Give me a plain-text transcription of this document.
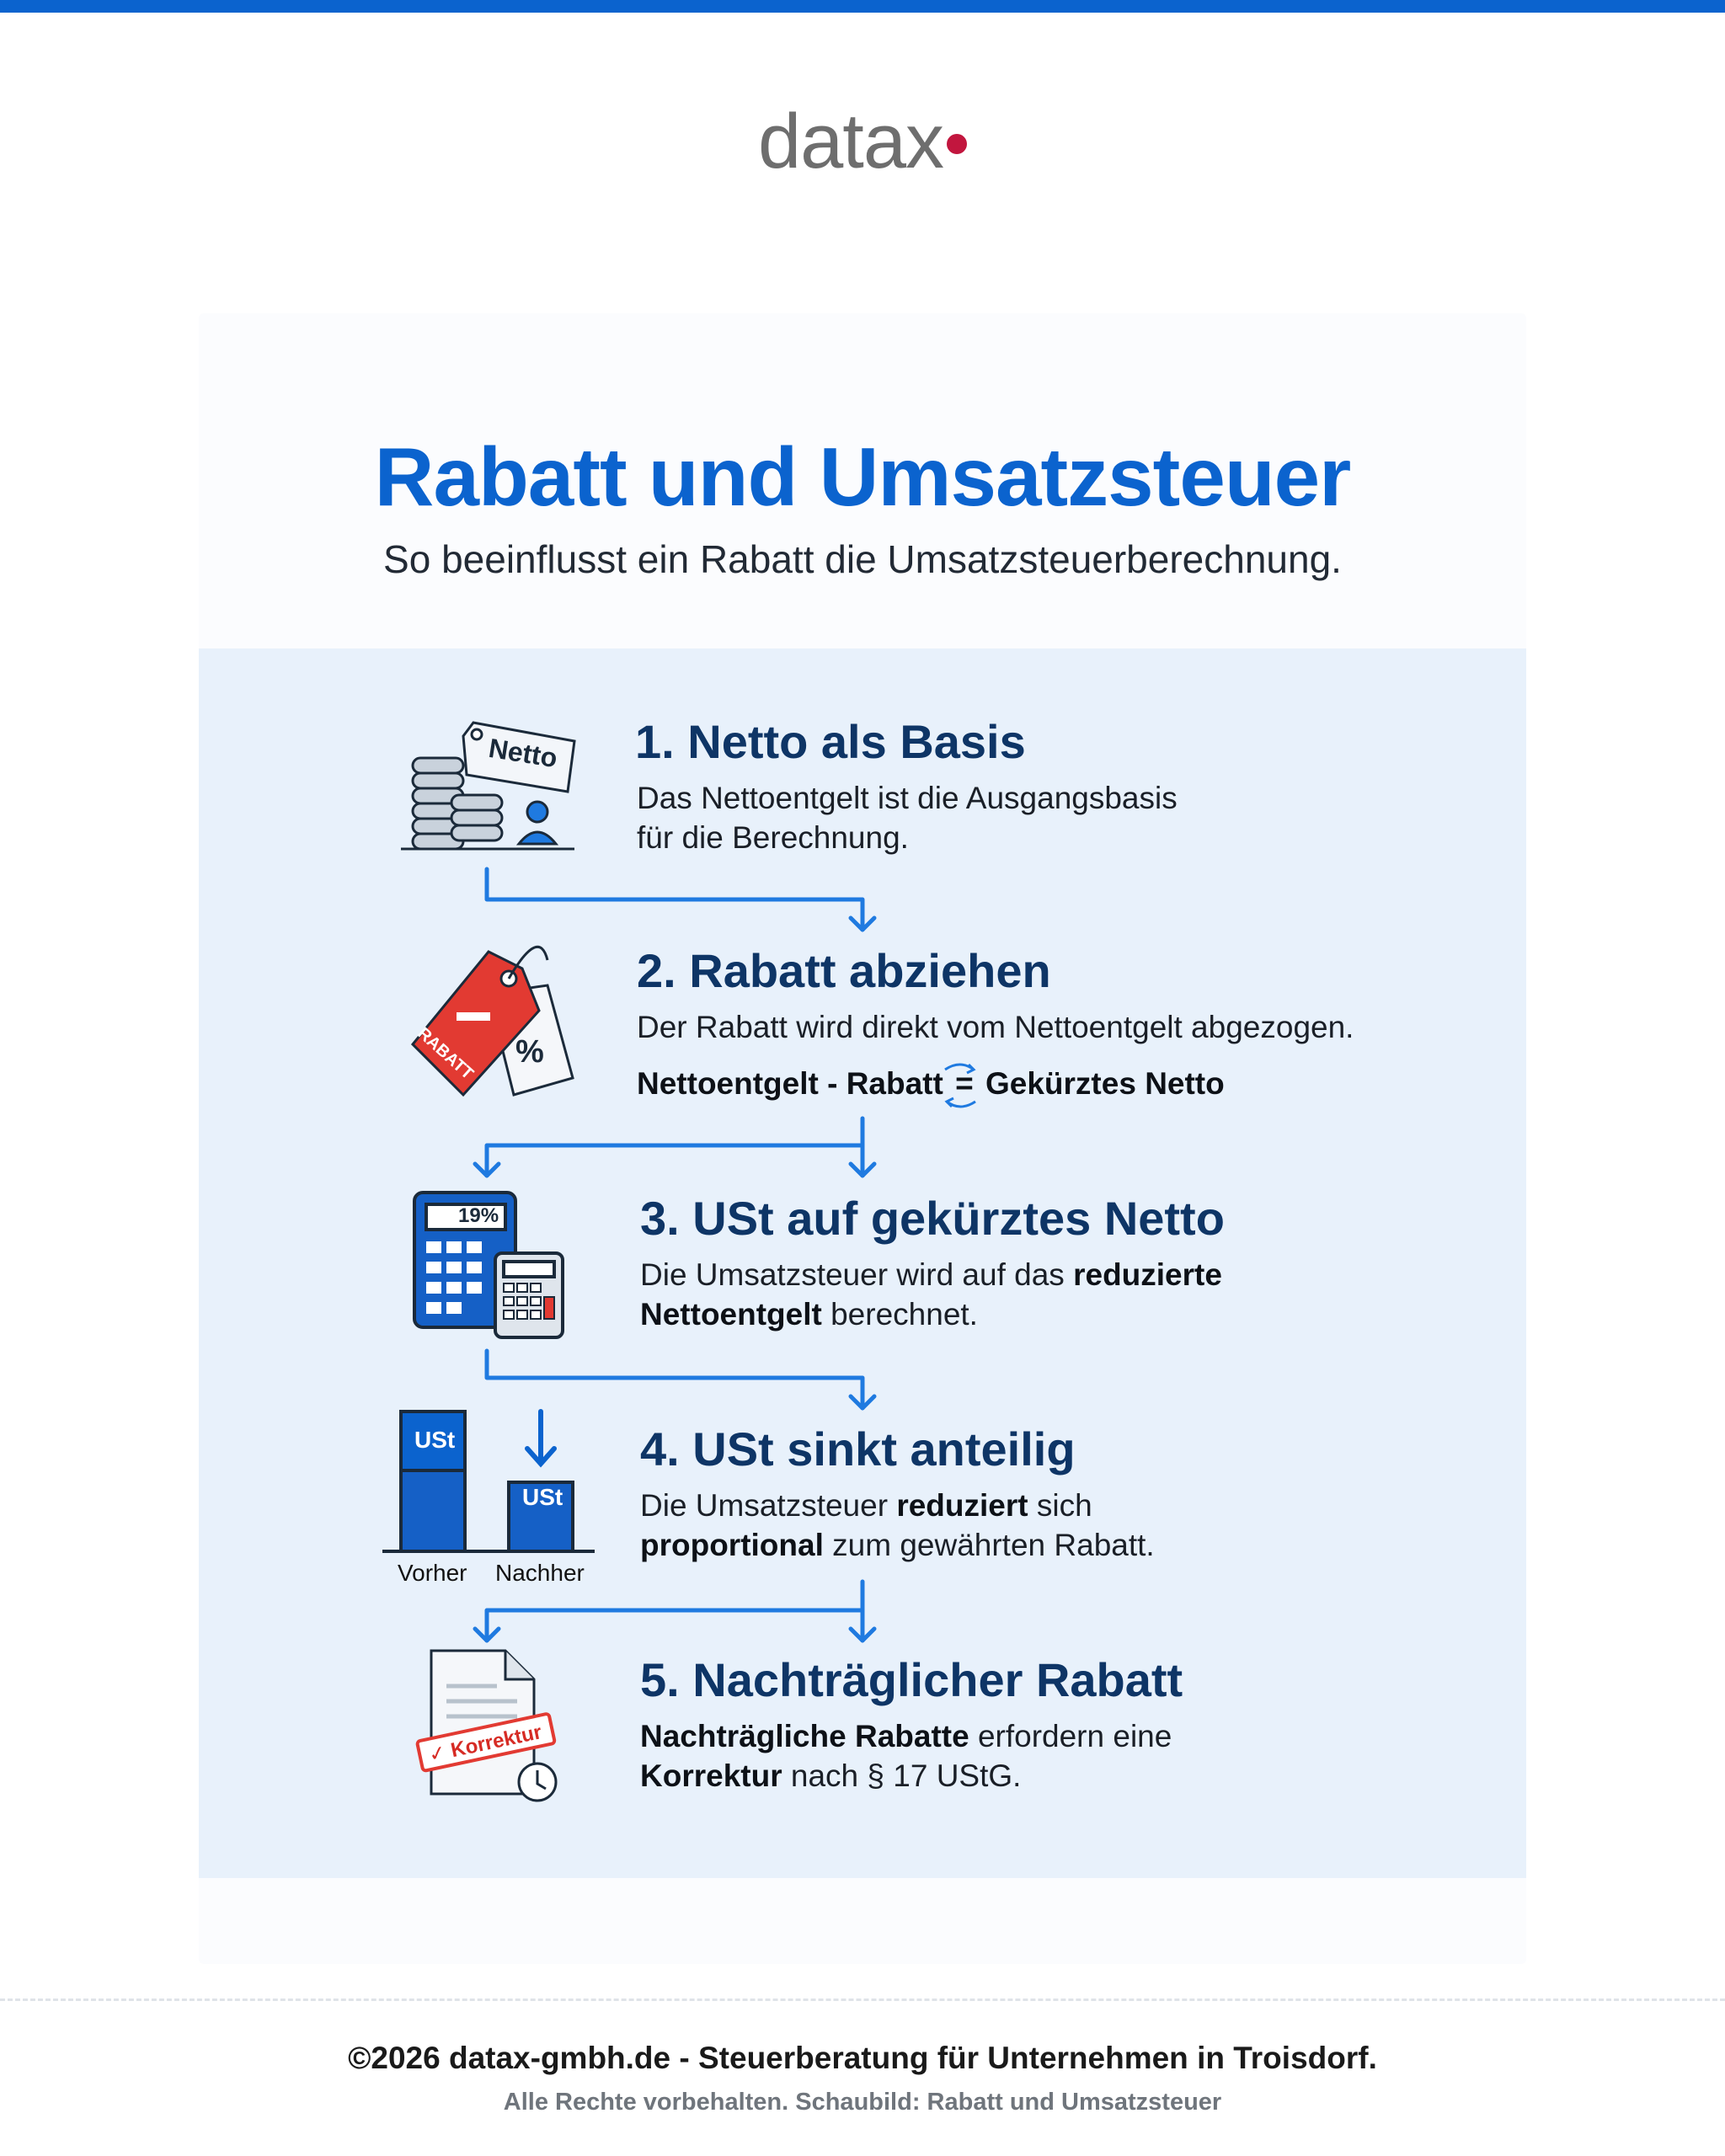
datax
Rabatt und Umsatzsteuer
So beeinflusst ein Rabatt die Umsatzsteuerberechnung.
Netto 1. Netto als Basis
Das Nettoentgelt ist die Ausgangsbasis
für die Berechnung.
RABATT %
2. Rabatt abziehen
Der Rabatt wird direkt vom Nettoentgelt abgezogen.
Nettoentgelt - Rabatt = Gekürztes Netto
19%	3. USt auf gekürztes Netto
Die Umsatzsteuer wird auf das reduzierte
Nettoentgelt berechnet.
USt
USt
Vorher Nachher
4. USt sinkt anteilig
Die Umsatzsteuer reduziert sich
proportional zum gewährten Rabatt.
✓ Korrektur
5. Nachträglicher Rabatt
Nachträgliche Rabatte erfordern eine
Korrektur nach § 17 UStG.
©2026 datax-gmbh.de - Steuerberatung für Unternehmen in Troisdorf.
Alle Rechte vorbehalten. Schaubild: Rabatt und Umsatzsteuer
